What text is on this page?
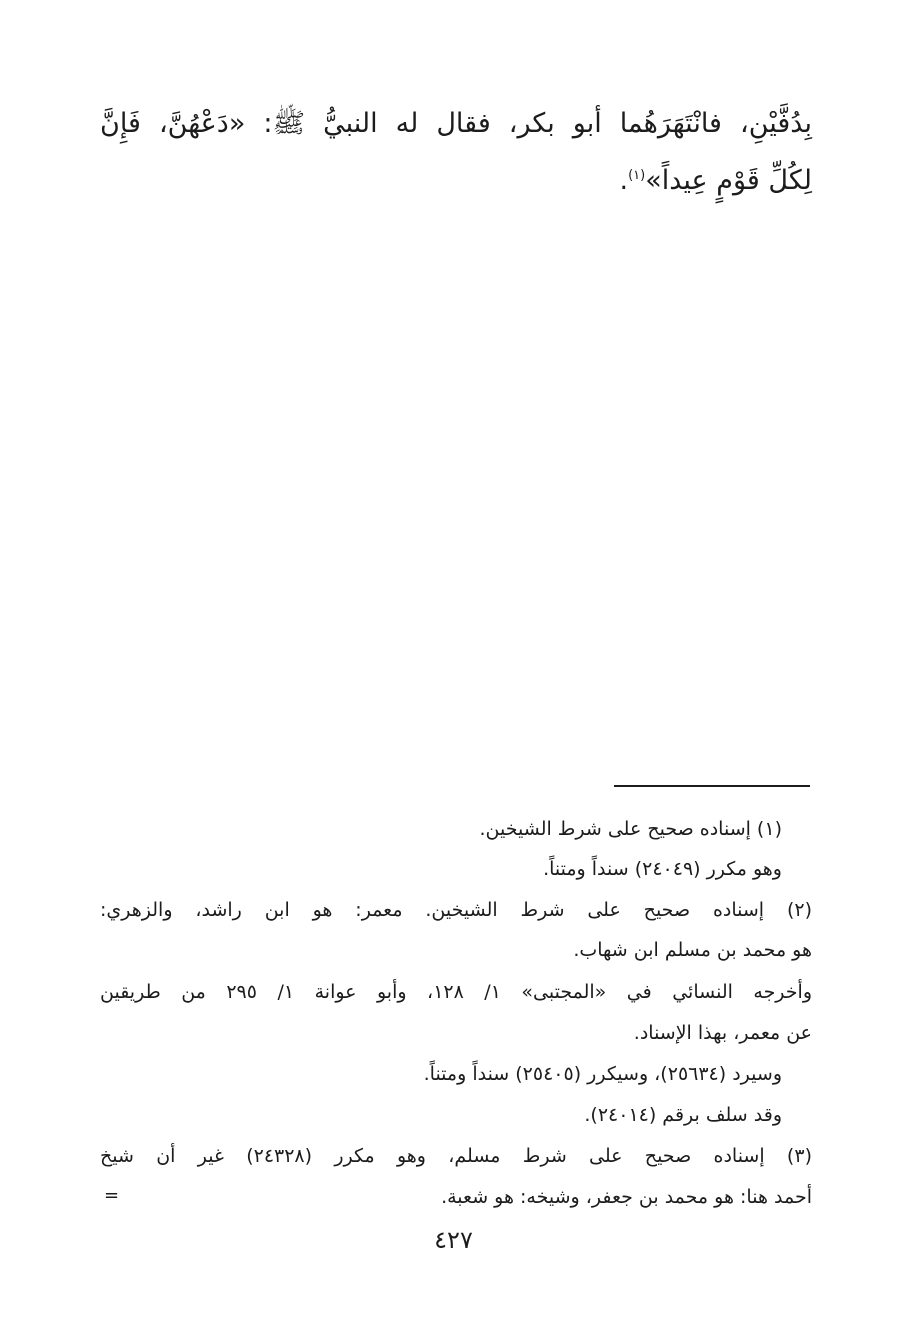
بِدُفَّيْنِ، فانْتَهَرَهُما أبو بكر، فقال له النبيُّ ﷺ: «دَعْهُنَّ، فَإِنَّ
لِكُلِّ قَوْمٍ عِيداً»$^{(١)}$.
(١) إسناده صحيح على شرط الشيخين.
وهو مكرر (٢٤٠٤٩) سنداً ومتناً.
(٢) إسناده صحيح على شرط الشيخين. معمر: هو ابن راشد، والزهري:
هو محمد بن مسلم ابن شهاب.
وأخرجه النسائي في «المجتبى» ١/ ١٢٨، وأبو عوانة ١/ ٢٩٥ من طريقين
عن معمر، بهذا الإسناد.
وسيرد (٢٥٦٣٤)، وسيكرر (٢٥٤٠٥) سنداً ومتناً.
وقد سلف برقم (٢٤٠١٤).
(٣) إسناده صحيح على شرط مسلم، وهو مكرر (٢٤٣٢٨) غير أن شيخ
أحمد هنا: هو محمد بن جعفر، وشيخه: هو شعبة.
=
٤٢٧
